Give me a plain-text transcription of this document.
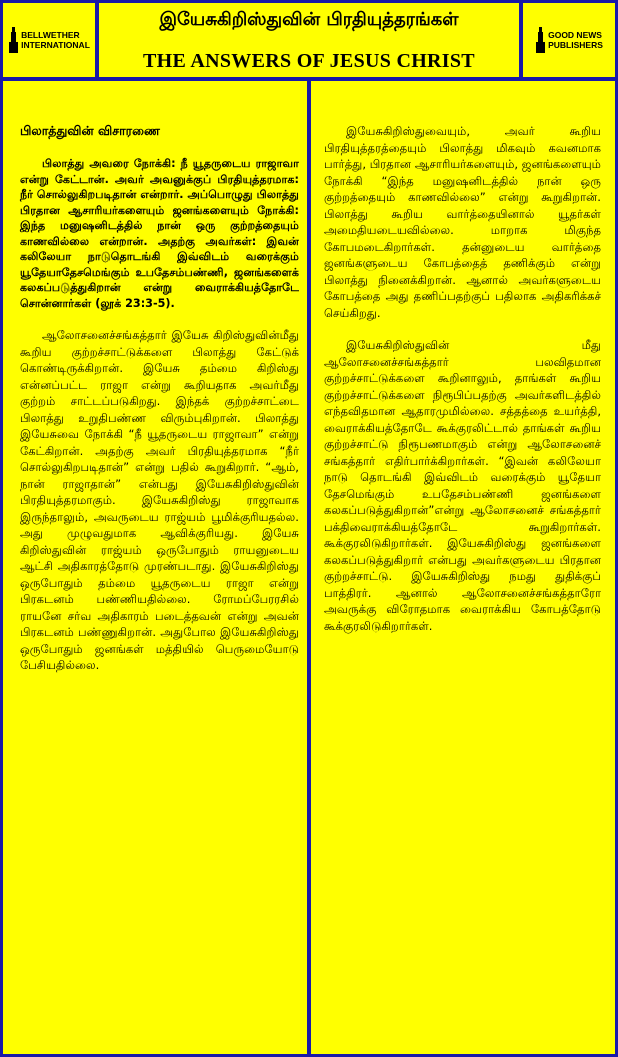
BELLWETHER
INTERNATIONAL
இயேசுகிறிஸ்துவின் பிரதியுத்தரங்கள்
THE ANSWERS OF JESUS CHRIST
GOOD NEWS
PUBLISHERS
பிலாத்துவின் விசாரணை

பிலாத்து அவரை நோக்கி: நீ யூதருடைய ராஜாவா என்று கேட்டான். அவர் அவனுக்குப் பிரதியுத்தரமாக: நீர் சொல்லுகிறபடிதான் என்றார். அப்பொழுது பிலாத்து பிரதான ஆசாரியர்களையும் ஜனங்களையும் நோக்கி: இந்த மனுஷனிடத்தில் நான் ஒரு குற்றத்தையும் காணவில்லை என்றான். அதற்கு அவர்கள்: இவன் கலிலேயா நாடுதொடங்கி இவ்விடம் வரைக்கும் யூதேயாதேசமெங்கும் உபதேசம்பண்ணி, ஜனங்களைக் கலகப்படுத்துகிறான் என்று வைராக்கியத்தோடே சொன்னார்கள் (லூக் 23:3-5).

ஆலோசனைச்சங்கத்தார் இயேசு கிறிஸ்துவின்மீது கூறிய குற்றச்சாட்டுக்களை பிலாத்து கேட்டுக் கொண்டிருக்கிறான். இயேசு தம்மை கிறிஸ்து என்னப்பட்ட ராஜா என்று கூறியதாக அவர்மீது குற்றம் சாட்டப்படுகிறது. இந்தக் குற்றச்சாட்டை பிலாத்து உறுதிபண்ண விரும்புகிறான். பிலாத்து இயேசுவை நோக்கி “நீ யூதருடைய ராஜாவா” என்று கேட்கிறான். அதற்கு அவர் பிரதியுத்தரமாக “நீர் சொல்லுகிறபடிதான்” என்று பதில் கூறுகிறார். “ஆம், நான் ராஜாதான்” என்பது இயேசுகிறிஸ்துவின் பிரதியுத்தரமாகும். இயேசுகிறிஸ்து ராஜாவாக இருந்தாலும், அவருடைய ராஜ்யம் பூமிக்குரியதல்ல. அது முழுவதுமாக ஆவிக்குரியது. இயேசு கிறிஸ்துவின் ராஜ்யம் ஒருபோதும் ராயனுடைய ஆட்சி அதிகாரத்தோடு முரண்படாது. இயேசுகிறிஸ்து ஒருபோதும் தம்மை யூதருடைய ராஜா என்று பிரகடனம் பண்ணியதில்லை. ரோமப்பேரரசில் ராயனே சர்வ அதிகாரம் படைத்தவன் என்று அவன் பிரகடனம் பண்ணுகிறான். அதுபோல இயேசுகிறிஸ்து ஒருபோதும் ஜனங்கள் மத்தியில் பெருமையோடு பேசியதில்லை.

இயேசுகிறிஸ்துவையும், அவர் கூறிய பிரதியுத்தரத்தையும் பிலாத்து மிகவும் கவனமாக பார்த்து, பிரதான ஆசாரியர்களையும், ஜனங்களையும் நோக்கி “இந்த மனுஷனிடத்தில் நான் ஒரு குற்றத்தையும் காணவில்லை” என்று கூறுகிறான். பிலாத்து கூறிய வார்த்தையினால் யூதர்கள் அமைதியடையவில்லை. மாறாக மிகுந்த கோபமடைகிறார்கள். தன்னுடைய வார்த்தை ஜனங்களுடைய கோபத்தைத் தணிக்கும் என்று பிலாத்து நினைக்கிறான். ஆனால் அவர்களுடைய கோபத்தை அது தணிப்பதற்குப் பதிலாக அதிகரிக்கச் செய்கிறது.

இயேசுகிறிஸ்துவின் மீது ஆலோசனைச்சங்கத்தார் பலவிதமான குற்றச்சாட்டுக்களை கூறினாலும், தாங்கள் கூறிய குற்றச்சாட்டுக்களை நிரூபிப்பதற்கு அவர்களிடத்தில் எந்தவிதமான ஆதாரமுமில்லை. சத்தத்தை உயர்த்தி, வைராக்கியத்தோடே கூக்குரலிட்டால் தாங்கள் கூறிய குற்றச்சாட்டு நிரூபணமாகும் என்று ஆலோசனைச் சங்கத்தார் எதிர்பார்க்கிறார்கள். “இவன் கலிலேயா நாடு தொடங்கி இவ்விடம் வரைக்கும் யூதேயா தேசமெங்கும் உபதேசம்பண்ணி ஜனங்களை கலகப்படுத்துகிறான்”என்று ஆலோசனைச் சங்கத்தார் பக்திவைராக்கியத்தோடே கூறுகிறார்கள். கூக்குரலிடுகிறார்கள். இயேசுகிறிஸ்து ஜனங்களை கலகப்படுத்துகிறார் என்பது அவர்களுடைய பிரதான குற்றச்சாட்டு. இயேசுகிறிஸ்து நமது துதிக்குப் பாத்திரர். ஆனால் ஆலோசனைச்சங்கத்தாரோ அவருக்கு விரோதமாக வைராக்கிய கோபத்தோடு கூக்குரலிடுகிறார்கள்.
